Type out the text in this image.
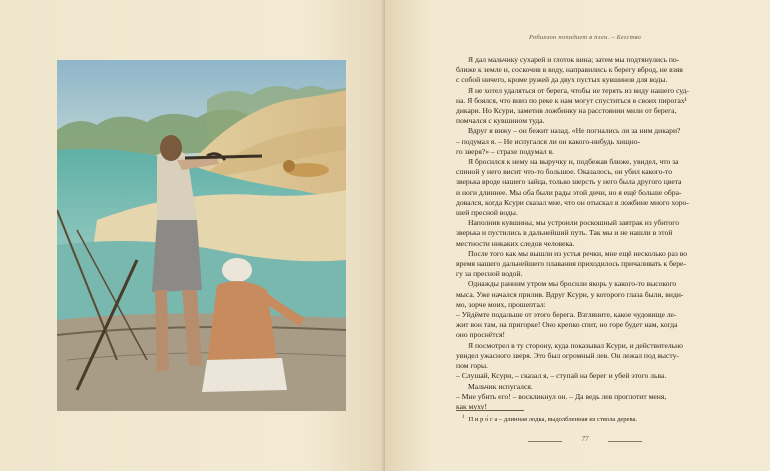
Робинзон попадает в плен. – Бегство

Я дал мальчику сухарей и глоток вина; затем мы подтянулись по-

ближе к земле и, соскочив в воду, направились к берегу вброд, не взяв

с собой ничего, кроме ружей да двух пустых кувшинов для воды.

Я не хотел удаляться от берега, чтобы не терять из виду нашего суд-

на. Я боялся, что вниз по реке к нам могут спуститься в своих пирогах¹

дикари. Но Ксури, заметив ложбинку на расстоянии мили от берега,

помчался с кувшином туда.

Вдруг я вижу – он бежит назад. «Не погнались ли за ним дикари?

– подумал я. – Не испугался ли он какого-нибудь хищно-

го зверя?» – страхе подумал я.

Я бросился к нему на выручку и, подбежав ближе, увидел, что за

спиной у него висит что-то большое. Оказалось, он убил какого-то

зверька вроде нашего зайца, только шерсть у него была другого цвета

и ноги длиннее. Мы оба были рады этой дичи, но я ещё больше обра-

довался, когда Ксури сказал мне, что он отыскал в ложбине много хоро-

шей пресной воды.

Наполнив кувшины, мы устроили роскошный завтрак из убитого

зверька и пустились в дальнейший путь. Так мы и не нашли в этой

местности никаких следов человека.

После того как мы вышли из устья речки, мне ещё несколько раз во

время нашего дальнейшего плавания приходилось причаливать к бере-

гу за пресной водой.

Однажды ранним утром мы бросили якорь у какого-то высокого

мыса. Уже начался прилив. Вдруг Ксури, у которого глаза были, види-

мо, зорче моих, прошептал:

– Уйдёмте подальше от этого берега. Взгляните, какое чудовище ле-

жит вон там, на пригорке! Оно крепко спит, но горе будет нам, когда

оно проснётся!

Я посмотрел в ту сторону, куда показывал Ксури, и действительно

увидел ужасного зверя. Это был огромный лев. Он лежал под высту-

пом горы.

– Слушай, Ксури, – сказал я, – ступай на берег и убей этого льва.

Мальчик испугался.

– Мне убить его! – воскликнул он. – Да ведь лев проглотит меня,

как муху!

$^1$ П и р о́ г а – длинная лодка, выдолбленная из ствола дерева.
77
